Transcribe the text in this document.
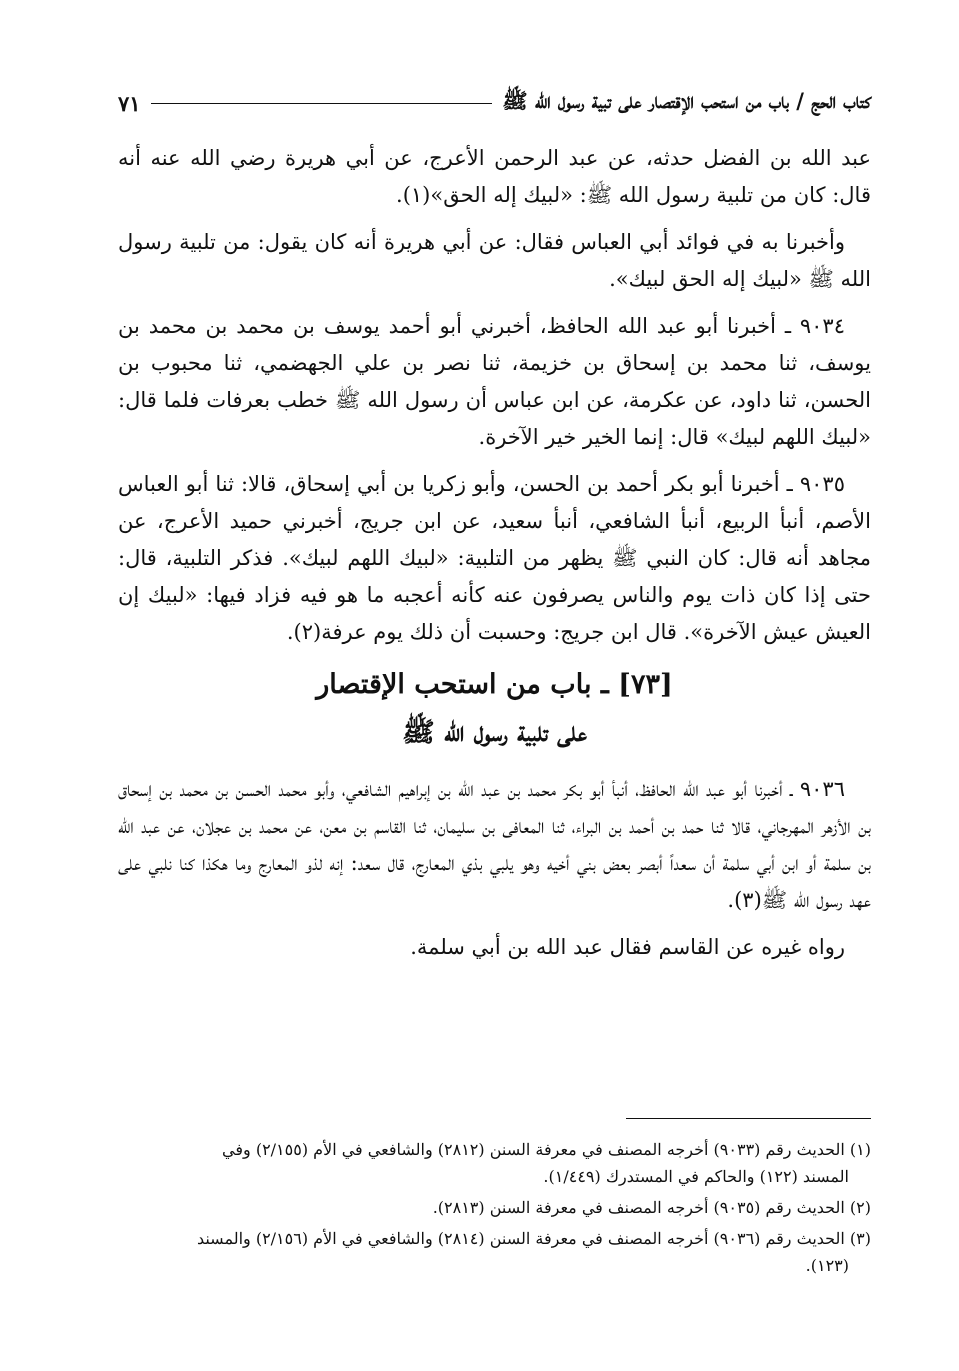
كتاب الحج / باب من استحب الإقتصار على تبية رسول الله ﷺ
٧١

عبد الله بن الفضل حدثه، عن عبد الرحمن الأعرج، عن أبي هريرة رضي الله عنه أنه قال: كان من تلبية رسول الله ﷺ: «لبيك إله الحق»(١).

وأخبرنا به في فوائد أبي العباس فقال: عن أبي هريرة أنه كان يقول: من تلبية رسول الله ﷺ «لبيك إله الحق لبيك».

٩٠٣٤ ـ أخبرنا أبو عبد الله الحافظ، أخبرني أبو أحمد يوسف بن محمد بن محمد بن يوسف، ثنا محمد بن إسحاق بن خزيمة، ثنا نصر بن علي الجهضمي، ثنا محبوب بن الحسن، ثنا داود، عن عكرمة، عن ابن عباس أن رسول الله ﷺ خطب بعرفات فلما قال: «لبيك اللهم لبيك» قال: إنما الخير خير الآخرة.

٩٠٣٥ ـ أخبرنا أبو بكر أحمد بن الحسن، وأبو زكريا بن أبي إسحاق، قالا: ثنا أبو العباس الأصم، أنبأ الربيع، أنبأ الشافعي، أنبأ سعيد، عن ابن جريج، أخبرني حميد الأعرج، عن مجاهد أنه قال: كان النبي ﷺ يظهر من التلبية: «لبيك اللهم لبيك». فذكر التلبية، قال: حتى إذا كان ذات يوم والناس يصرفون عنه كأنه أعجبه ما هو فيه فزاد فيها: «لبيك إن العيش عيش الآخرة». قال ابن جريج: وحسبت أن ذلك يوم عرفة(٢).

[٧٣] ـ باب من استحب الإقتصار

على تلبية رسول الله ﷺ

٩٠٣٦ ـ أخبرنا أبو عبد الله الحافظ، أنبأ أبو بكر محمد بن عبد الله بن إبراهيم الشافعي، وأبو محمد الحسن بن محمد بن إسحاق بن الأزهر المهرجاني، قالا ثنا حمد بن أحمد بن البراء، ثنا المعافى بن سليمان، ثنا القاسم بن معن، عن محمد بن عجلان، عن عبد الله بن سلمة أو ابن أبي سلمة أن سعداً أبصر بعض بني أخيه وهو يلبي بذي المعارج، قال سعد: إنه لذو المعارج وما هكذا كنا نلبي على عهد رسول الله ﷺ(٣).

رواه غيره عن القاسم فقال عبد الله بن أبي سلمة.

(١) الحديث رقم (٩٠٣٣) أخرجه المصنف في معرفة السنن (٢٨١٢) والشافعي في الأم (٢/١٥٥) وفي

المسند (١٢٢) والحاكم في المستدرك (١/٤٤٩).

(٢) الحديث رقم (٩٠٣٥) أخرجه المصنف في معرفة السنن (٢٨١٣).

(٣) الحديث رقم (٩٠٣٦) أخرجه المصنف في معرفة السنن (٢٨١٤) والشافعي في الأم (٢/١٥٦) والمسند

(١٢٣).
